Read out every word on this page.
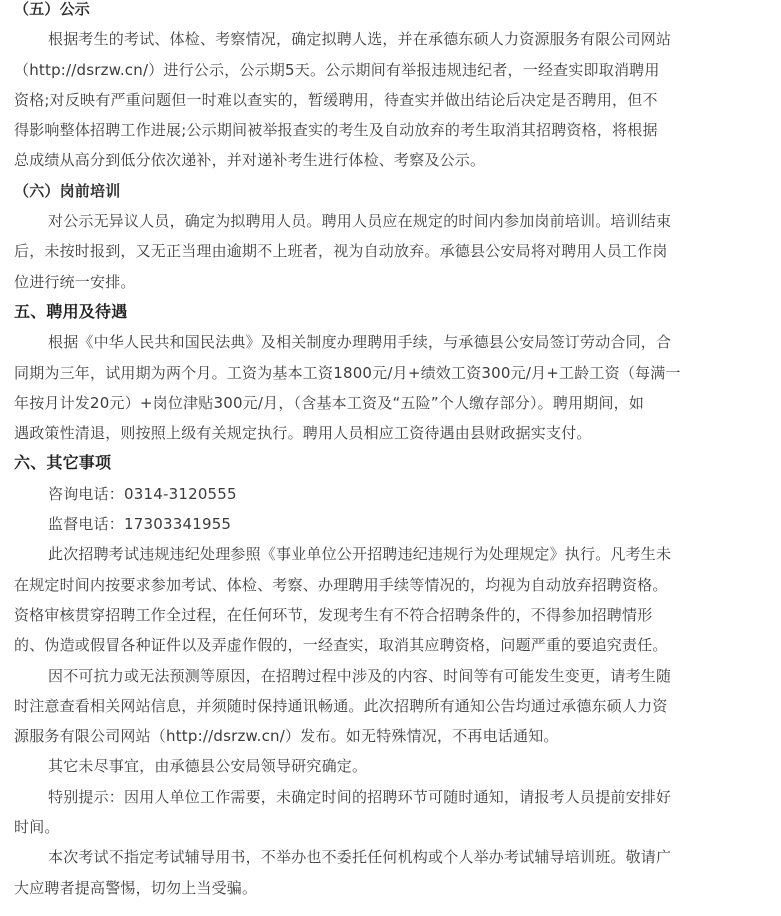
（五）公示
根据考生的考试、体检、考察情况，确定拟聘人选，并在承德东硕人力资源服务有限公司网站
（http://dsrzw.cn/）进行公示，公示期5天。公示期间有举报违规违纪者，一经查实即取消聘用
资格;对反映有严重问题但一时难以查实的，暂缓聘用，待查实并做出结论后决定是否聘用，但不
得影响整体招聘工作进展;公示期间被举报查实的考生及自动放弃的考生取消其招聘资格，将根据
总成绩从高分到低分依次递补，并对递补考生进行体检、考察及公示。
（六）岗前培训
对公示无异议人员，确定为拟聘用人员。聘用人员应在规定的时间内参加岗前培训。培训结束
后，未按时报到，又无正当理由逾期不上班者，视为自动放弃。承德县公安局将对聘用人员工作岗
位进行统一安排。
五、聘用及待遇
根据《中华人民共和国民法典》及相关制度办理聘用手续，与承德县公安局签订劳动合同，合
同期为三年，试用期为两个月。工资为基本工资1800元/月+绩效工资300元/月+工龄工资（每满一
年按月计发20元）+岗位津贴300元/月，（含基本工资及“五险”个人缴存部分）。聘用期间，如
遇政策性清退，则按照上级有关规定执行。聘用人员相应工资待遇由县财政据实支付。
六、其它事项
咨询电话：0314-3120555
监督电话：17303341955
此次招聘考试违规违纪处理参照《事业单位公开招聘违纪违规行为处理规定》执行。凡考生未
在规定时间内按要求参加考试、体检、考察、办理聘用手续等情况的，均视为自动放弃招聘资格。
资格审核贯穿招聘工作全过程，在任何环节，发现考生有不符合招聘条件的，不得参加招聘情形
的、伪造或假冒各种证件以及弄虚作假的，一经查实，取消其应聘资格，问题严重的要追究责任。
因不可抗力或无法预测等原因，在招聘过程中涉及的内容、时间等有可能发生变更，请考生随
时注意查看相关网站信息，并须随时保持通讯畅通。此次招聘所有通知公告均通过承德东硕人力资
源服务有限公司网站（http://dsrzw.cn/）发布。如无特殊情况，不再电话通知。
其它未尽事宜，由承德县公安局领导研究确定。
特别提示：因用人单位工作需要，未确定时间的招聘环节可随时通知，请报考人员提前安排好
时间。
本次考试不指定考试辅导用书，不举办也不委托任何机构或个人举办考试辅导培训班。敬请广
大应聘者提高警惕，切勿上当受骗。
